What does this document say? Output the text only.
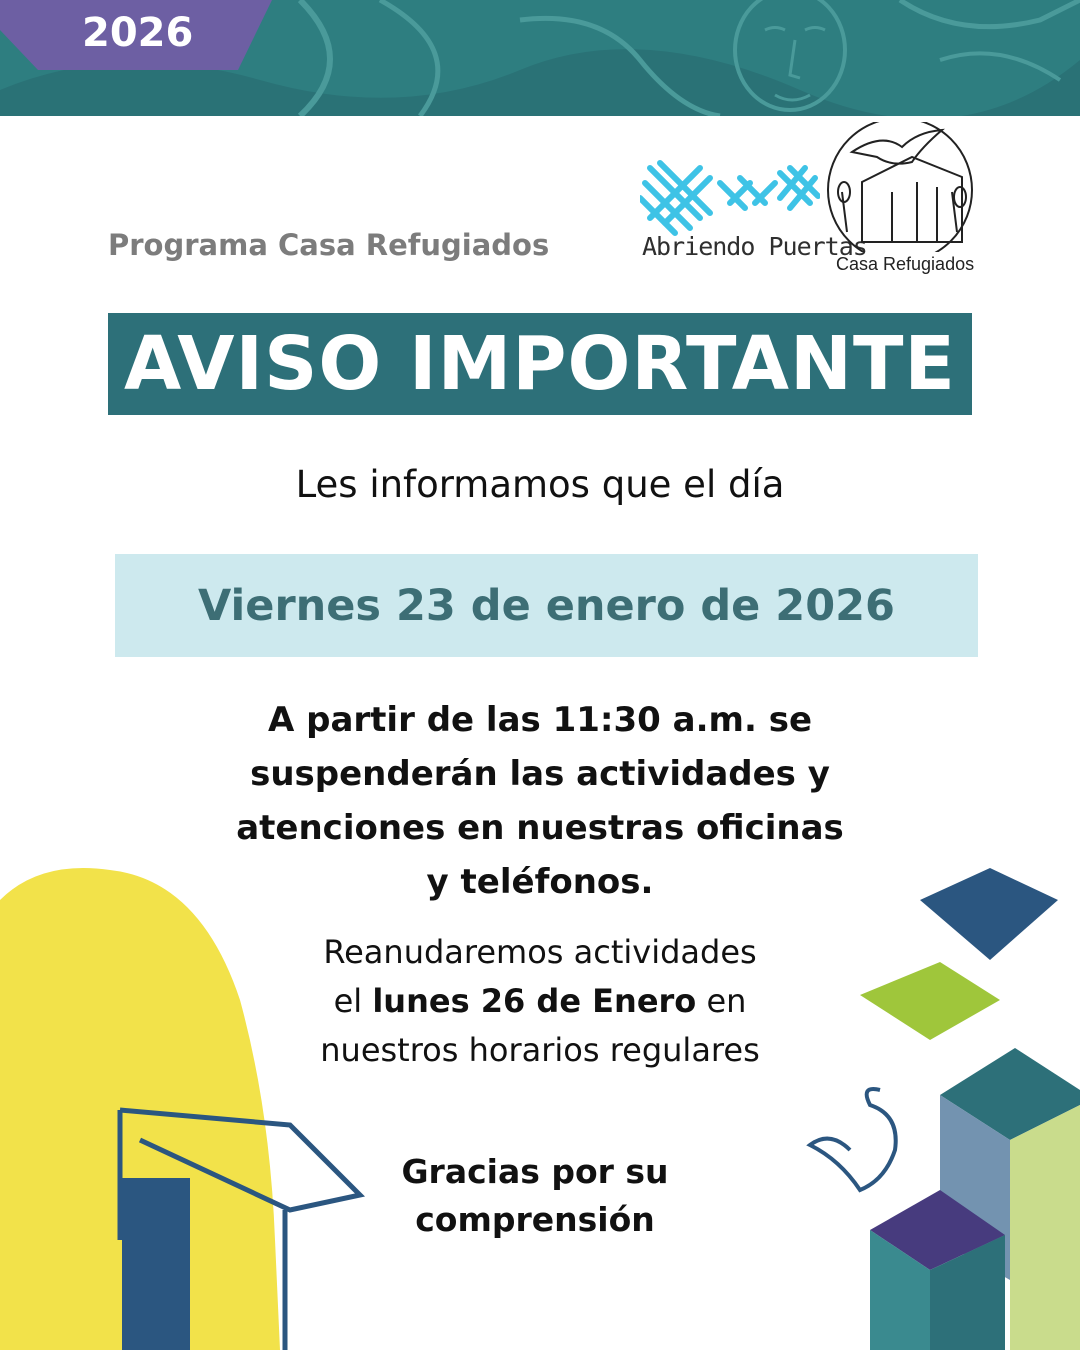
2026
Programa Casa Refugiados	Abriendo Puertas
Casa Refugiados
AVISO IMPORTANTE
Les informamos que el día
Viernes 23 de enero de 2026
A partir de las 11:30 a.m. se
suspenderán las actividades y
atenciones en nuestras oficinas
y teléfonos.
Reanudaremos actividades
el lunes 26 de Enero en
nuestros horarios regulares
Gracias por su
comprensión
